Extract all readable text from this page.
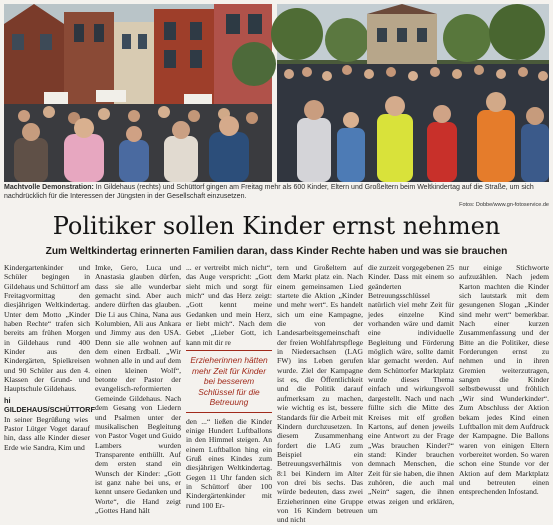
Machtvolle Demonstration: In Gildehaus (rechts) und Schüttorf gingen am Freitag mehr als 600 Kinder, Eltern und Großeltern beim Weltkindertag auf die Straße, um sich nachdrücklich für die Interessen der Jüngsten in der Gesellschaft einzusetzen.
Fotos: Dobbe/www.gn-fotoservice.de
Politiker sollen Kinder ernst nehmen
Zum Weltkindertag erinnerten Familien daran, dass Kinder Rechte haben und was sie brauchen

Kindergartenkinder und Schüler begingen in Gildehaus und Schüttorf am Freitagvormittag den diesjährigen Weltkindertag. Unter dem Motto „Kinder haben Rechte“ trafen sich bereits am frühen Morgen in Gildehaus rund 400 Kinder aus den Kindergärten, Spielkreisen und 90 Schüler aus den 4. Klassen der Grund- und Hauptschule Gildehaus.

hi GILDEHAUS/SCHÜTTORF In seiner Begrüßung wies Pastor Lütger Voget darauf hin, dass alle Kinder dieser Erde wie Sandra, Kim und

Imke, Gero, Luca und Anastasia glauben dürfen, dass sie alle wunderbar gemacht sind. Aber auch andere dürften das glauben. Die Li aus China, Nana aus Kolumbien, Ali aus Ankara und Jimmy aus den USA. Denn sie alle wohnen auf dem einen Erdball. „Wir wohnen alle in und auf dem einen kleinen Wolf“, betonte der Pastor der evangelisch-reformierten Gemeinde Gildehaus. Nach dem Gesang von Liedern und Psalmen unter der musikalischen Begleitung von Pastor Voget und Guido Lambers wurden Transparente enthüllt. Auf dem ersten stand ein Wunsch der Kinder: „Gott ist ganz nahe bei uns, er kennt unsere Gedanken und Worte“, die Hand zeigt „Gottes Hand hält

... er vertreibt mich nicht“, das Auge verspricht: „Gott sieht mich und sorgt für mich“ und das Herz zeigt: „Gott kennt meine Gedanken und mein Herz, er liebt mich“. Nach dem Gebet „Lieber Gott, ich kann mit dir re

Erzieherinnen hätten mehr Zeit für Kinder bei besserem Schlüssel für die Betreuung

den ...“ ließen die Kinder einige Hundert Luftballons in den Himmel steigen. An einem Luftballon hing ein Gruß eines Kindes zum diesjährigen Weltkindertag. Gegen 11 Uhr fanden sich in Schüttorf über 100 Kindergärtenkinder mit rund 100 Er-

tern und Großeltern auf dem Markt platz ein. Nach einem gemeinsamen Lied startete die Aktion „Kinder und mehr wert“. Es handelt sich um eine Kampagne, die von der Landesarbeitsgemeinschaft der freien Wohlfahrtspflege in Niedersachsen (LAG FW) ins Leben gerufen wurde. Ziel der Kampagne ist es, die Öffentlichkeit und die Politik darauf aufmerksam zu machen, wie wichtig es ist, bessere Standards für die Arbeit mit Kindern durchzusetzen. In diesem Zusammenhang fordert die LAG zum Beispiel ein Betreuungsverhältnis von 8:1 bei Kindern im Alter von drei bis sechs. Das würde bedeuten, dass zwei Erzieherinnen eine Gruppe von 16 Kindern betreuen und nicht

die zurzeit vorgegebenen 25 Kinder. Dass mit einem so geänderten Betreuungsschlüssel natürlich viel mehr Zeit für jedes einzelne Kind vorhanden wäre und damit eine individuelle Begleitung und Förderung möglich wäre, sollte damit klar gemacht werden. Auf dem Schüttorfer Marktplatz wurde dieses Thema einfach und wirkungsvoll dargestellt. Nach und nach füllte sich die Mitte des Kreises mit elf großen Kartons, auf denen jeweils eine Antwort zu der Frage „Was brauchen Kinder?“ stand: Kinder brauchen demnach Menschen, die Zeit für sie haben, die ihnen zuhören, die auch mal „Nein“ sagen, die ihnen etwas zeigen und erklären, um

nur einige Stichworte aufzuzählen. Nach jedem Karton machten die Kinder sich lautstark mit dem gesungenen Slogan „Kinder sind mehr wert“ bemerkbar. Nach einer kurzen Zusammenfassung und der Bitte an die Politiker, diese Forderungen ernst zu nehmen und in ihren Gremien weiterzutragen, sangen die Kinder selbstbewusst und fröhlich „Wir sind Wunderkinder“. Zum Abschluss der Aktion bekam jedes Kind einen Luftballon mit dem Aufdruck der Kampagne. Die Ballons waren von einigen Eltern vorbereitet worden. So waren schon eine Stunde vor der Aktion auf dem Marktplatz und betreuten einen entsprechenden Infostand.
